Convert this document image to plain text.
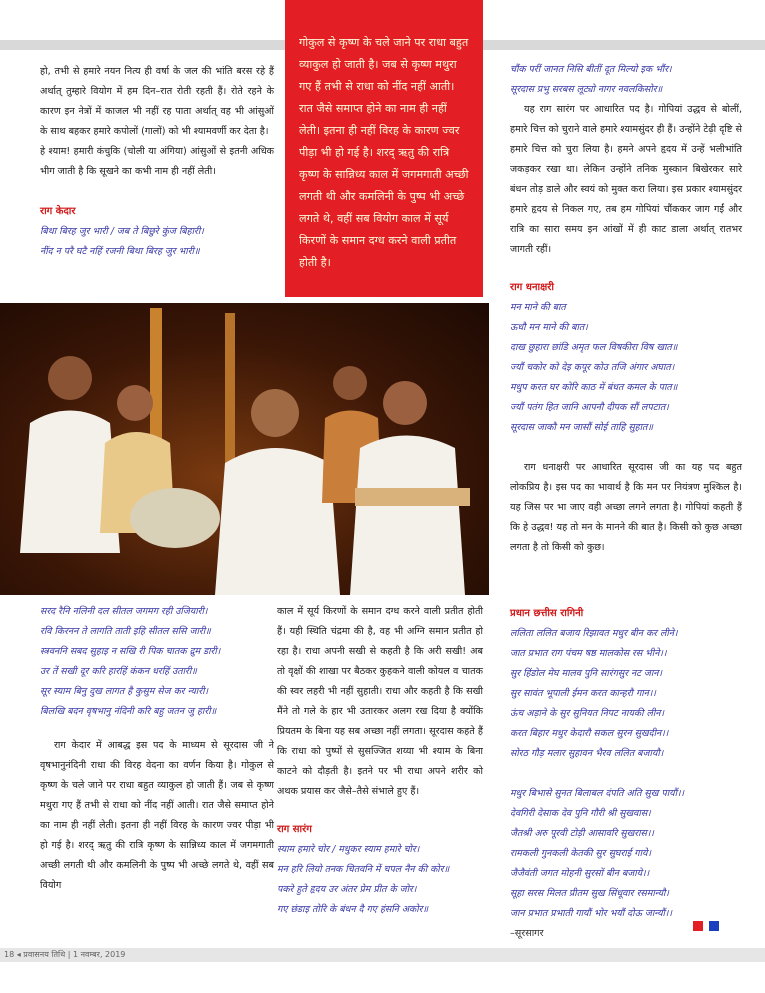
हो, तभी से हमारे नयन नित्य ही वर्षा के जल की भांति बरस रहे हैं अर्थात् तुम्हारे वियोग में हम दिन–रात रोती रहती हैं। रोते रहने के कारण इन नेत्रों में काजल भी नहीं रह पाता अर्थात् वह भी आंसुओं के साथ बहकर हमारे कपोलों (गालों) को भी श्यामवर्णी कर देता है।

हे श्याम! हमारी कंचुकि (चोली या अंगिया) आंसुओं से इतनी अधिक भीग जाती है कि सूखने का कभी नाम ही नहीं लेती।

राग केदार

बिथा बिरह जुर भारी / जब ते बिछुरे कुंज बिहारी।

नींद न परै घटै नहिं रजनी बिथा बिरह जुर भारी॥

गोकुल से कृष्ण के चले जाने पर राधा बहुत व्याकुल हो जाती है। जब से कृष्ण मथुरा गए हैं तभी से राधा को नींद नहीं आती। रात जैसे समाप्त होने का नाम ही नहीं लेती। इतना ही नहीं विरह के कारण ज्वर पीड़ा भी हो गई है। शरद् ऋतु की रात्रि कृष्ण के सान्निध्य काल में जगमगाती अच्छी लगती थी और कमलिनी के पुष्प भी अच्छे लगते थे, वहीं सब वियोग काल में सूर्य किरणों के समान दग्ध करने वाली प्रतीत होती है।

चौंक परीं जानत निसि बीतीं दूत मिल्यो इक भौंर।

सूरदास प्रभु सरबस लूट्यो नागर नवलकिसोर॥

यह राग सारंग पर आधारित पद है। गोपियां उद्धव से बोलीं, हमारे चित्त को चुराने वाले हमारे श्यामसुंदर ही हैं। उन्होंने टेढ़ी दृष्टि से हमारे चित्त को चुरा लिया है। हमने अपने हृदय में उन्हें भलीभांति जकड़कर रखा था। लेकिन उन्होंने तनिक मुस्कान बिखेरकर सारे बंधन तोड़ डाले और स्वयं को मुक्त करा लिया। इस प्रकार श्यामसुंदर हमारे हृदय से निकल गए, तब हम गोपियां चौंककर जाग गईं और रात्रि का सारा समय इन आंखों में ही काट डाला अर्थात् रातभर जागती रहीं।

राग धनाक्षरी

मन माने की बात

ऊधौ मन माने की बात।

दाख छुहारा छांडि अमृत फल विषकीरा विष खात॥

ज्यौं चकोर को देइ कपूर कोउ तजि अंगार अघात।

मधुप करत घर कोरि काठ में बंधत कमल के पात॥

ज्यौं पतंग हित जानि आपनौ दीपक सौं लपटात।

सूरदास जाकौ मन जासौं सोई ताहि सुहात॥

राग धनाक्षरी पर आधारित सूरदास जी का यह पद बहुत लोकप्रिय है। इस पद का भावार्थ है कि मन पर नियंत्रण मुश्किल है। यह जिस पर भा जाए वही अच्छा लगने लगता है। गोपियां कहती हैं कि हे उद्धव! यह तो मन के मानने की बात है। किसी को कुछ अच्छा लगता है तो किसी को कुछ।

सरद रैनि नलिनी दल सीतल जगमग रही उजियारी।

रवि किरनन ते लागति ताती इहि सीतल ससि जारी॥

स्त्रवननि सबद सुहाइ न सखि री पिक चातक द्रुम डारी।

उर तें सखी दूर करि हारहिं कंकन धरहिं उतारी॥

सूर स्याम बिनु दुख लागत है कुसुम सेज कर न्यारी।

बिलखि बदन वृषभानु नंदिनी करि बहु जतन जु हारी॥

राग केदार में आबद्ध इस पद के माध्यम से सूरदास जी ने वृषभानुनंदिनी राधा की विरह वेदना का वर्णन किया है। गोकुल से कृष्ण के चले जाने पर राधा बहुत व्याकुल हो जाती हैं। जब से कृष्ण मथुरा गए हैं तभी से राधा को नींद नहीं आती। रात जैसे समाप्त होने का नाम ही नहीं लेती। इतना ही नहीं विरह के कारण ज्वर पीड़ा भी हो गई है। शरद् ऋतु की रात्रि कृष्ण के सान्निध्य काल में जगमगाती अच्छी लगती थी और कमलिनी के पुष्प भी अच्छे लगते थे, वहीं सब वियोग

काल में सूर्य किरणों के समान दग्ध करने वाली प्रतीत होती हैं। यही स्थिति चंद्रमा की है, वह भी अग्नि समान प्रतीत हो रहा है। राधा अपनी सखी से कहती है कि अरी सखी! अब तो वृक्षों की शाखा पर बैठकर कुहकने वाली कोयल व चातक की स्वर लहरी भी नहीं सुहाती। राधा और कहती है कि सखी मैंने तो गले के हार भी उतारकर अलग रख दिया है क्योंकि प्रियतम के बिना यह सब अच्छा नहीं लगता। सूरदास कहते हैं कि राधा को पुष्पों से सुसज्जित शय्या भी श्याम के बिना काटने को दौड़ती है। इतने पर भी राधा अपने शरीर को अथक प्रयास कर जैसे–तैसे संभाले हुए हैं।

राग सारंग

स्याम हमारे चोर / मधुकर स्याम हमारे चोर।

मन हरि लियो तनक चितवनि में चपल नैन की कोर॥

पकरे हुते हृदय उर अंतर प्रेम प्रीत के जोर।

गए छंडाइ तोरि के बंधन दै गए हंसनि अकोर॥

प्रधान छत्तीस रागिनी

ललिता ललित बजाय रिझावत मधुर बीन कर लीने।

जात प्रभात राग पंचम षष्ठ मालकोस रस भीने।।

सुर हिंडोल मेघ मालव पुनि सारंगसुर नट जान।

सुर सावंत भूपाली ईमन करत कान्हरौ गान।।

ऊंच अड़ाने के सुर सुनियत निपट नायकी लीन।

करत बिहार मधुर केदारौ सकल सुरन सुखदीन।।

सोरठ गौड़ मलार सुहावन भैरव ललित बजायौ।

मधुर बिभासे सुनत बिलाबल दंपति अति सुख पायौं।।

देवगिरी देसाक देव पुनि गौरी श्री सुखवास।

जैतश्री अरु पूरवी टोड़ी आसावरि सुखरास।।

रामकली गुनकली केतकी सुर सुघराई गाये।

जैजैवंती जगत मोहनी सुरसों बीन बजाये।।

सूहा सरस मिलत प्रीतम सुख सिंधूवार रसमान्यौ।

जान प्रभात प्रभाती गायौं भोर भयौं दोऊ जान्यौं।।

–सूरसागर

18 ◂ प्रवासनय तिथि | 1 नवम्बर, 2019
